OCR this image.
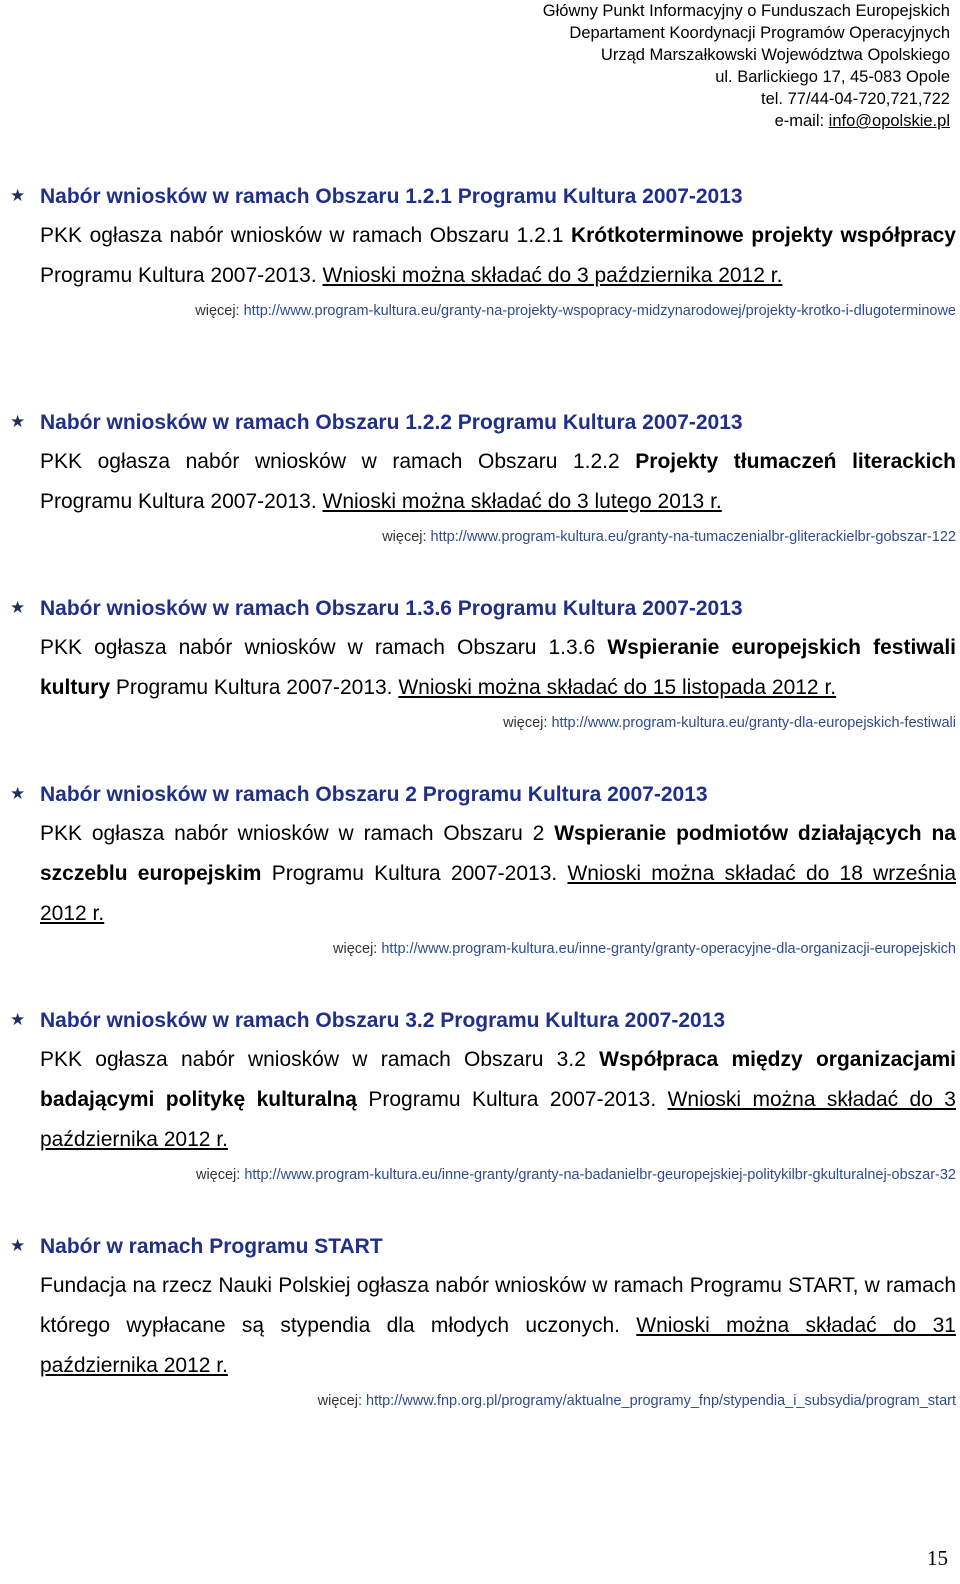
Główny Punkt Informacyjny o Funduszach Europejskich
Departament Koordynacji Programów Operacyjnych
Urząd Marszałkowski Województwa Opolskiego
ul. Barlickiego 17, 45-083 Opole
tel. 77/44-04-720,721,722
e-mail: info@opolskie.pl
★ Nabór wniosków w ramach Obszaru 1.2.1 Programu Kultura 2007-2013
PKK ogłasza nabór wniosków w ramach Obszaru 1.2.1 Krótkoterminowe projekty współpracy Programu Kultura 2007-2013. Wnioski można składać do 3 października 2012 r.
więcej: http://www.program-kultura.eu/granty-na-projekty-wspopracy-midzynarodowej/projekty-krotko-i-dlugoterminowe
★ Nabór wniosków w ramach Obszaru 1.2.2 Programu Kultura 2007-2013
PKK ogłasza nabór wniosków w ramach Obszaru 1.2.2 Projekty tłumaczeń literackich Programu Kultura 2007-2013. Wnioski można składać do 3 lutego 2013 r.
więcej: http://www.program-kultura.eu/granty-na-tumaczenialbr-gliterackielbr-gobszar-122
★ Nabór wniosków w ramach Obszaru 1.3.6 Programu Kultura 2007-2013
PKK ogłasza nabór wniosków w ramach Obszaru 1.3.6 Wspieranie europejskich festiwali kultury Programu Kultura 2007-2013. Wnioski można składać do 15 listopada 2012 r.
więcej: http://www.program-kultura.eu/granty-dla-europejskich-festiwali
★ Nabór wniosków w ramach Obszaru 2 Programu Kultura 2007-2013
PKK ogłasza nabór wniosków w ramach Obszaru 2 Wspieranie podmiotów działających na szczeblu europejskim Programu Kultura 2007-2013. Wnioski można składać do 18 września 2012 r.
więcej: http://www.program-kultura.eu/inne-granty/granty-operacyjne-dla-organizacji-europejskich
★ Nabór wniosków w ramach Obszaru 3.2 Programu Kultura 2007-2013
PKK ogłasza nabór wniosków w ramach Obszaru 3.2 Współpraca między organizacjami badającymi politykę kulturalną Programu Kultura 2007-2013. Wnioski można składać do 3 października 2012 r.
więcej: http://www.program-kultura.eu/inne-granty/granty-na-badanielbr-geuropejskiej-politykilbr-gkulturalnej-obszar-32
★ Nabór w ramach Programu START
Fundacja na rzecz Nauki Polskiej ogłasza nabór wniosków w ramach Programu START, w ramach którego wypłacane są stypendia dla młodych uczonych. Wnioski można składać do 31 października 2012 r.
więcej: http://www.fnp.org.pl/programy/aktualne_programy_fnp/stypendia_i_subsydia/program_start
15
